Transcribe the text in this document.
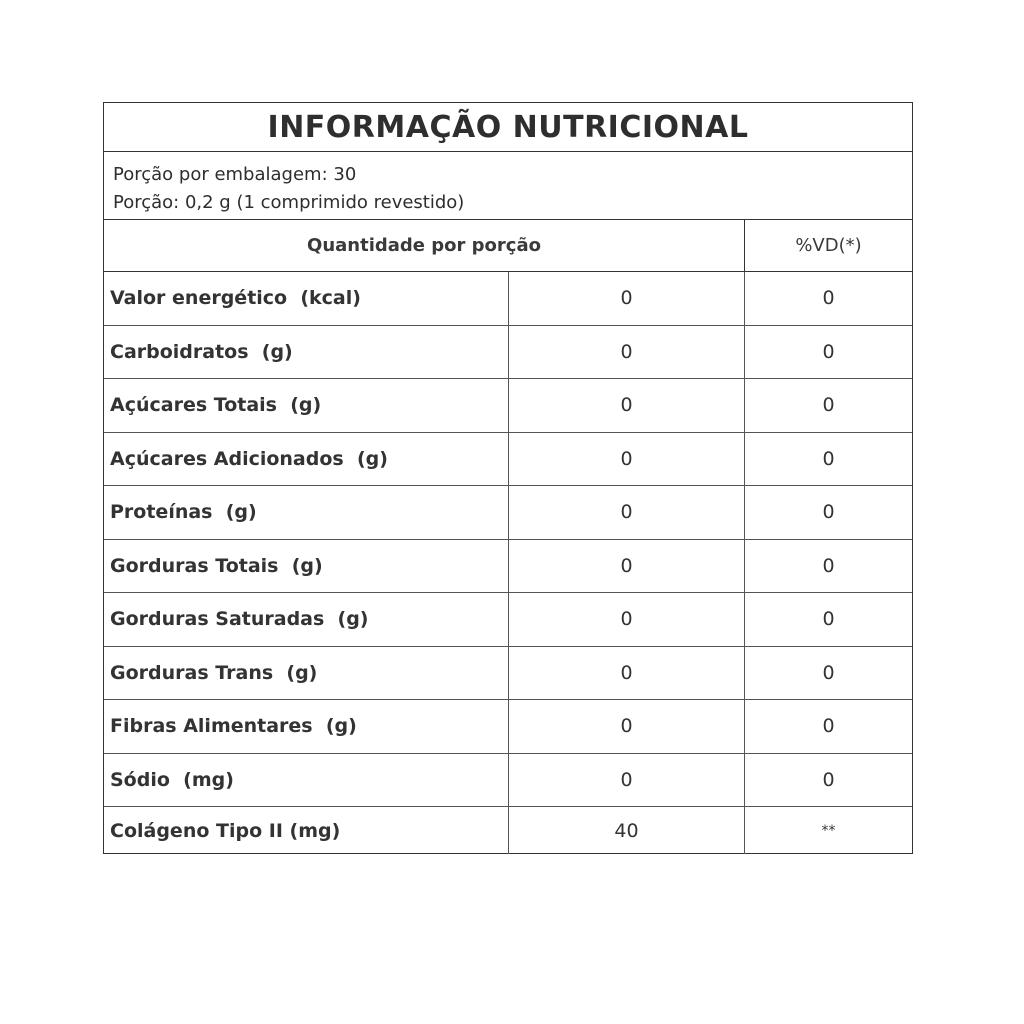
INFORMAÇÃO NUTRICIONAL
Porção por embalagem: 30
Porção: 0,2 g (1 comprimido revestido)
Quantidade por porção	%VD(*)
Valor energético  (kcal)	0	0
Carboidratos  (g)	0	0
Açúcares Totais  (g)	0	0
Açúcares Adicionados  (g)	0	0
Proteínas  (g)	0	0
Gorduras Totais  (g)	0	0
Gorduras Saturadas  (g)	0	0
Gorduras Trans  (g)	0	0
Fibras Alimentares  (g)	0	0
Sódio  (mg)	0	0
Colágeno Tipo II (mg)	40	**
